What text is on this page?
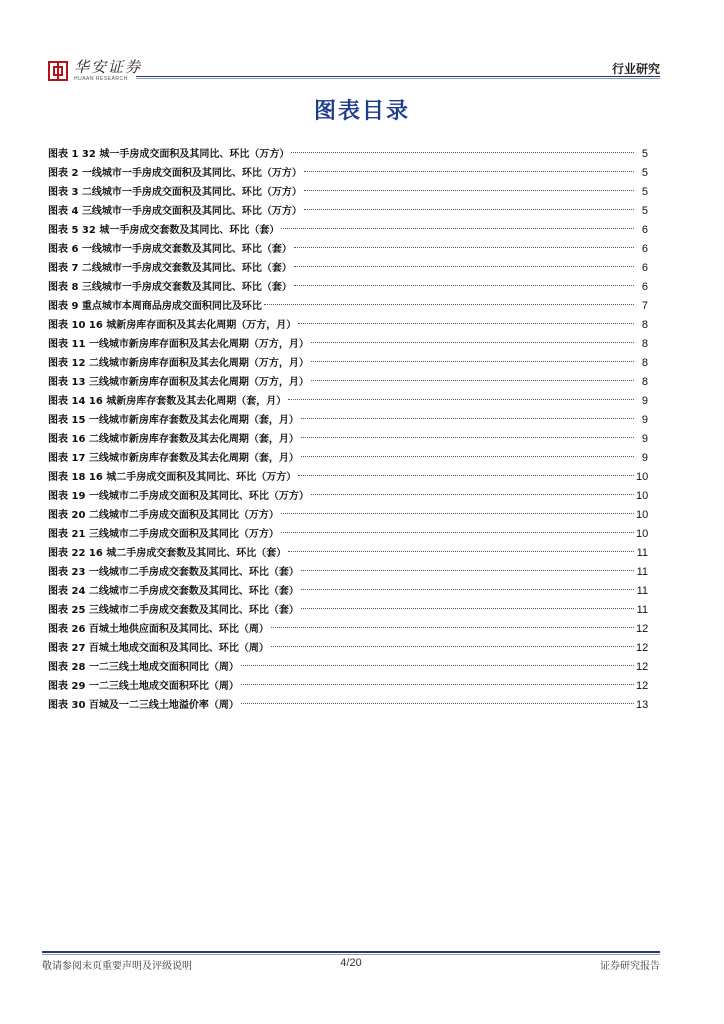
华安证券
HUAAN RESEARCH
行业研究
图表目录
图表 1 32 城一手房成交面积及其同比、环比（万方）	5
图表 2 一线城市一手房成交面积及其同比、环比（万方）	5
图表 3 二线城市一手房成交面积及其同比、环比（万方）	5
图表 4 三线城市一手房成交面积及其同比、环比（万方）	5
图表 5 32 城一手房成交套数及其同比、环比（套）	6
图表 6 一线城市一手房成交套数及其同比、环比（套）	6
图表 7 二线城市一手房成交套数及其同比、环比（套）	6
图表 8 三线城市一手房成交套数及其同比、环比（套）	6
图表 9 重点城市本周商品房成交面积同比及环比	7
图表 10 16 城新房库存面积及其去化周期（万方，月）	8
图表 11 一线城市新房库存面积及其去化周期（万方，月）	8
图表 12 二线城市新房库存面积及其去化周期（万方，月）	8
图表 13 三线城市新房库存面积及其去化周期（万方，月）	8
图表 14 16 城新房库存套数及其去化周期（套，月）	9
图表 15 一线城市新房库存套数及其去化周期（套，月）	9
图表 16 二线城市新房库存套数及其去化周期（套，月）	9
图表 17 三线城市新房库存套数及其去化周期（套，月）	9
图表 18 16 城二手房成交面积及其同比、环比（万方）	10
图表 19 一线城市二手房成交面积及其同比、环比（万方）	10
图表 20 二线城市二手房成交面积及其同比（万方）	10
图表 21 三线城市二手房成交面积及其同比（万方）	10
图表 22 16 城二手房成交套数及其同比、环比（套）	11
图表 23 一线城市二手房成交套数及其同比、环比（套）	11
图表 24 二线城市二手房成交套数及其同比、环比（套）	11
图表 25 三线城市二手房成交套数及其同比、环比（套）	11
图表 26 百城土地供应面积及其同比、环比（周）	12
图表 27 百城土地成交面积及其同比、环比（周）	12
图表 28 一二三线土地成交面积同比（周）	12
图表 29 一二三线土地成交面积环比（周）	12
图表 30 百城及一二三线土地溢价率（周）	13
敬请参阅末页重要声明及评级说明	4/20	证券研究报告
